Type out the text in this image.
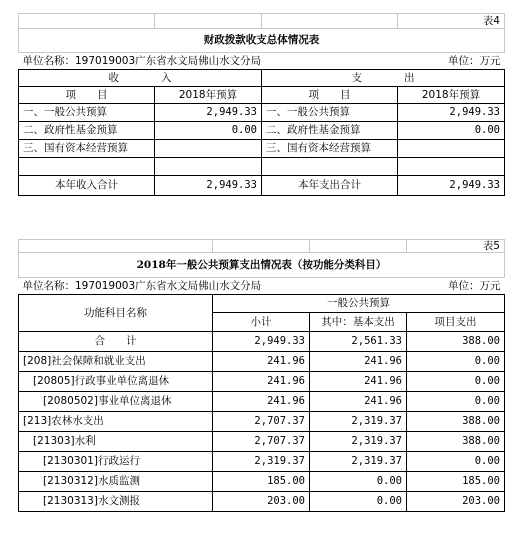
			表4
财政拨款收支总体情况表			
单位名称：197019003广东省水文局佛山水文分局			单位：万元
收　　　　入		支　　　　出	
项　　目	2018年预算	项　　目	2018年预算
一、一般公共预算	2,949.33	一、一般公共预算	2,949.33
二、政府性基金预算	0.00	二、政府性基金预算	0.00
三、国有资本经营预算		三、国有资本经营预算	

本年收入合计	2,949.33	本年支出合计	2,949.33
			表5
2018年一般公共预算支出情况表（按功能分类科目）			
单位名称：197019003广东省水文局佛山水文分局			单位：万元
功能科目名称	一般公共预算		
	小计	其中：基本支出	项目支出
合　　计	2,949.33	2,561.33	388.00
[208]社会保障和就业支出	241.96	241.96	0.00
[20805]行政事业单位离退休	241.96	241.96	0.00
[2080502]事业单位离退休	241.96	241.96	0.00
[213]农林水支出	2,707.37	2,319.37	388.00
[21303]水利	2,707.37	2,319.37	388.00
[2130301]行政运行	2,319.37	2,319.37	0.00
[2130312]水质监测	185.00	0.00	185.00
[2130313]水文测报	203.00	0.00	203.00
